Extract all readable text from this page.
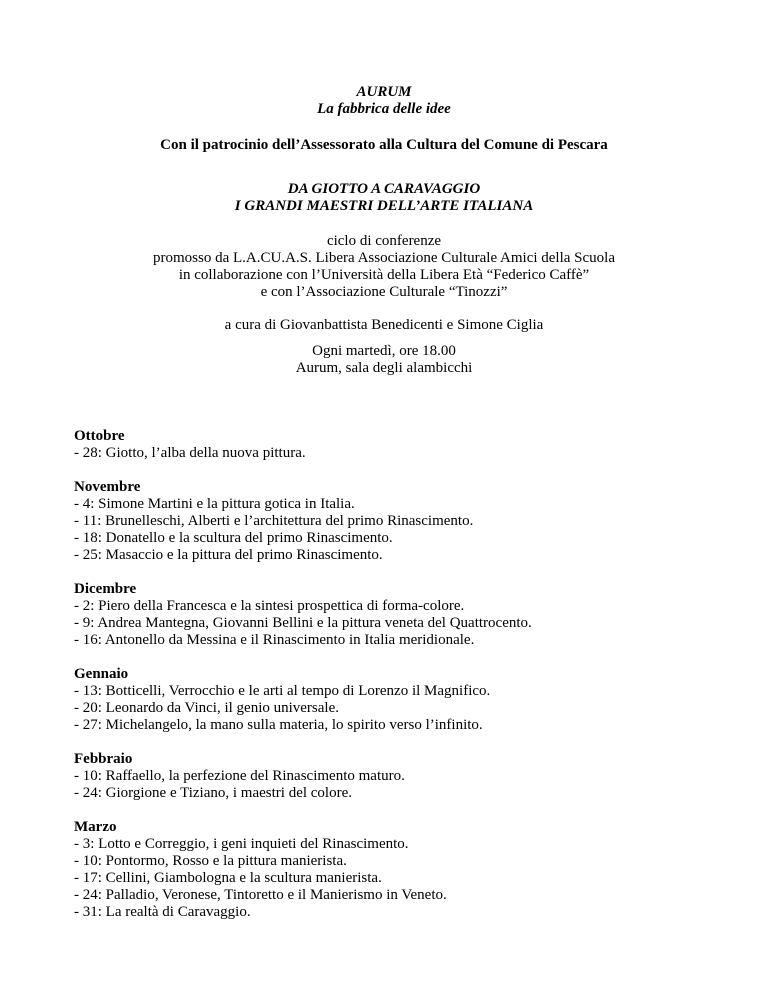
AURUM
La fabbrica delle idee
Con il patrocinio dell’Assessorato alla Cultura del Comune di Pescara
DA GIOTTO A CARAVAGGIO
I GRANDI MAESTRI DELL’ARTE ITALIANA
ciclo di conferenze
promosso da L.A.CU.A.S. Libera Associazione Culturale Amici della Scuola
in collaborazione con l’Università della Libera Età “Federico Caffè”
e con l’Associazione Culturale “Tinozzi”
a cura di Giovanbattista Benedicenti e Simone Ciglia
Ogni martedì, ore 18.00
Aurum, sala degli alambicchi
Ottobre
- 28: Giotto, l’alba della nuova pittura.
Novembre
- 4: Simone Martini e la pittura gotica in Italia.
- 11: Brunelleschi, Alberti e l’architettura del primo Rinascimento.
- 18: Donatello e la scultura del primo Rinascimento.
- 25: Masaccio e la pittura del primo Rinascimento.
Dicembre
- 2: Piero della Francesca e la sintesi prospettica di forma-colore.
- 9: Andrea Mantegna, Giovanni Bellini e la pittura veneta del Quattrocento.
- 16: Antonello da Messina e il Rinascimento in Italia meridionale.
Gennaio
- 13: Botticelli, Verrocchio e le arti al tempo di Lorenzo il Magnifico.
- 20: Leonardo da Vinci, il genio universale.
- 27: Michelangelo, la mano sulla materia, lo spirito verso l’infinito.
Febbraio
- 10: Raffaello, la perfezione del Rinascimento maturo.
- 24: Giorgione e Tiziano, i maestri del colore.
Marzo
- 3: Lotto e Correggio, i geni inquieti del Rinascimento.
- 10: Pontormo, Rosso e la pittura manierista.
- 17: Cellini, Giambologna e la scultura manierista.
- 24: Palladio, Veronese, Tintoretto e il Manierismo in Veneto.
- 31: La realtà di Caravaggio.
